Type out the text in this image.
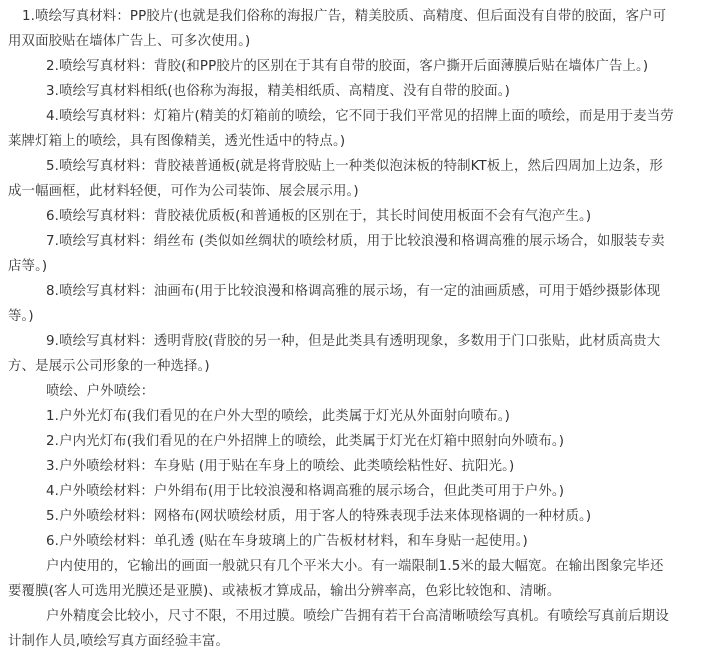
1.喷绘写真材料：PP胶片(也就是我们俗称的海报广告，精美胶质、高精度、但后面没有自带的胶面，客户可
用双面胶贴在墙体广告上、可多次使用。)
2.喷绘写真材料：背胶(和PP胶片的区别在于其有自带的胶面，客户撕开后面薄膜后贴在墙体广告上。)
3.喷绘写真材料相纸(也俗称为海报，精美相纸质、高精度、没有自带的胶面。)
4.喷绘写真材料：灯箱片(精美的灯箱前的喷绘，它不同于我们平常见的招牌上面的喷绘，而是用于麦当劳
莱牌灯箱上的喷绘，具有图像精美，透光性适中的特点。)
5.喷绘写真材料：背胶裱普通板(就是将背胶贴上一种类似泡沫板的特制KT板上，然后四周加上边条，形
成一幅画框，此材料轻便，可作为公司装饰、展会展示用。)
6.喷绘写真材料：背胶裱优质板(和普通板的区别在于，其长时间使用板面不会有气泡产生。)
7.喷绘写真材料：绢丝布 (类似如丝绸状的喷绘材质，用于比较浪漫和格调高雅的展示场合，如服装专卖
店等。)
8.喷绘写真材料：油画布(用于比较浪漫和格调高雅的展示场，有一定的油画质感，可用于婚纱摄影体现
等。)
9.喷绘写真材料：透明背胶(背胶的另一种，但是此类具有透明现象，多数用于门口张贴，此材质高贵大
方、是展示公司形象的一种选择。)
喷绘、户外喷绘：
1.户外光灯布(我们看见的在户外大型的喷绘，此类属于灯光从外面射向喷布。)
2.户内光灯布(我们看见的在户外招牌上的喷绘，此类属于灯光在灯箱中照射向外喷布。)
3.户外喷绘材料：车身贴 (用于贴在车身上的喷绘、此类喷绘粘性好、抗阳光。)
4.户外喷绘材料：户外绢布(用于比较浪漫和格调高雅的展示场合，但此类可用于户外。)
5.户外喷绘材料：网格布(网状喷绘材质，用于客人的特殊表现手法来体现格调的一种材质。)
6.户外喷绘材料：单孔透 (贴在车身玻璃上的广告板材材料，和车身贴一起使用。)
户内使用的，它输出的画面一般就只有几个平米大小。有一端限制1.5米的最大幅宽。在输出图象完毕还
要覆膜(客人可选用光膜还是亚膜)、或裱板才算成品，输出分辨率高，色彩比较饱和、清晰。
户外精度会比较小，尺寸不限，不用过膜。喷绘广告拥有若干台高清晰喷绘写真机。有喷绘写真前后期设
计制作人员,喷绘写真方面经验丰富。
